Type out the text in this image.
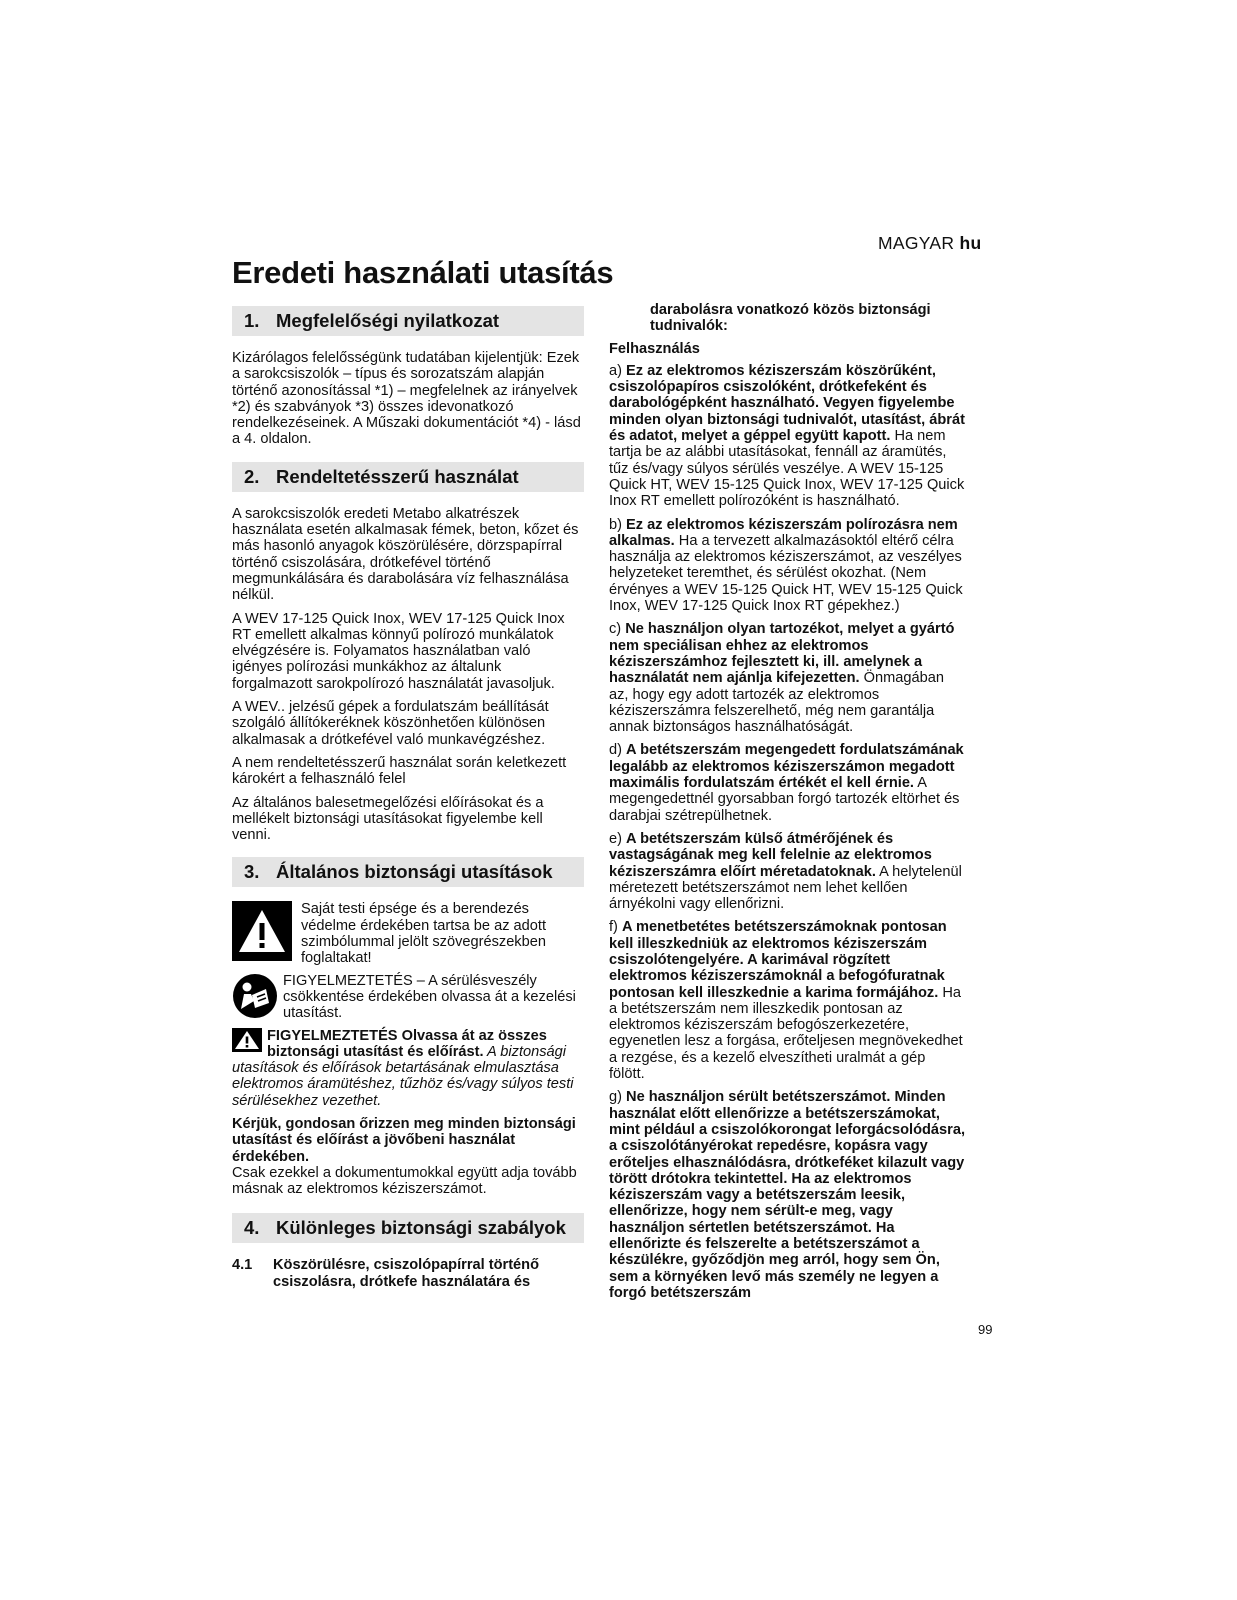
MAGYAR hu
Eredeti használati utasítás
1. Megfelelőségi nyilatkozat

Kizárólagos felelősségünk tudatában kijelentjük: Ezek a sarokcsiszolók – típus és sorozatszám alapján történő azonosítással *1) – megfelelnek az irányelvek *2) és szabványok *3) összes idevonatkozó rendelkezéseinek. A Műszaki dokumentációt *4) - lásd a 4. oldalon.

2. Rendeltetésszerű használat

A sarokcsiszolók eredeti Metabo alkatrészek használata esetén alkalmasak fémek, beton, kőzet és más hasonló anyagok köszörülésére, dörzspapírral történő csiszolására, drótkefével történő megmunkálására és darabolására víz felhasználása nélkül.

A WEV 17-125 Quick Inox, WEV 17-125 Quick Inox RT emellett alkalmas könnyű polírozó munkálatok elvégzésére is. Folyamatos használatban való igényes polírozási munkákhoz az általunk forgalmazott sarokpolírozó használatát javasoljuk.

A WEV.. jelzésű gépek a fordulatszám beállítását szolgáló állítókeréknek köszönhetően különösen alkalmasak a drótkefével való munkavégzéshez.

A nem rendeltetésszerű használat során keletkezett károkért a felhasználó felel

Az általános balesetmegelőzési előírásokat és a mellékelt biztonsági utasításokat figyelembe kell venni.

3. Általános biztonsági utasítások
Saját testi épsége és a berendezés védelme érdekében tartsa be az adott szimbólummal jelölt szövegrészekben foglaltakat!
FIGYELMEZTETÉS – A sérülésveszély csökkentése érdekében olvassa át a kezelési utasítást.

FIGYELMEZTETÉS Olvassa át az összes biztonsági utasítást és előírást. A biztonsági utasítások és előírások betartásának elmulasztása elektromos áramütéshez, tűzhöz és/vagy súlyos testi sérülésekhez vezethet.

Kérjük, gondosan őrizzen meg minden biztonsági utasítást és előírást a jövőbeni használat érdekében.

Csak ezekkel a dokumentumokkal együtt adja tovább másnak az elektromos kéziszerszámot.

4. Különleges biztonsági szabályok
4.1	Köszörülésre, csiszolópapírral történő csiszolásra, drótkefe használatára és
darabolásra vonatkozó közös biztonsági tudnivalók:

Felhasználás

a) Ez az elektromos kéziszerszám köszörűként, csiszolópapíros csiszolóként, drótkefeként és darabológépként használható. Vegyen figyelembe minden olyan biztonsági tudnivalót, utasítást, ábrát és adatot, melyet a géppel együtt kapott. Ha nem tartja be az alábbi utasításokat, fennáll az áramütés, tűz és/vagy súlyos sérülés veszélye. A WEV 15-125 Quick HT, WEV 15-125 Quick Inox, WEV 17-125 Quick Inox RT emellett polírozóként is használható.

b) Ez az elektromos kéziszerszám polírozásra nem alkalmas. Ha a tervezett alkalmazásoktól eltérő célra használja az elektromos kéziszerszámot, az veszélyes helyzeteket teremthet, és sérülést okozhat. (Nem érvényes a WEV 15-125 Quick HT, WEV 15-125 Quick Inox, WEV 17-125 Quick Inox RT gépekhez.)

c) Ne használjon olyan tartozékot, melyet a gyártó nem speciálisan ehhez az elektromos kéziszerszámhoz fejlesztett ki, ill. amelynek a használatát nem ajánlja kifejezetten. Önmagában az, hogy egy adott tartozék az elektromos kéziszerszámra felszerelhető, még nem garantálja annak biztonságos használhatóságát.

d) A betétszerszám megengedett fordulatszámának legalább az elektromos kéziszerszámon megadott maximális fordulatszám értékét el kell érnie. A megengedettnél gyorsabban forgó tartozék eltörhet és darabjai szétrepülhetnek.

e) A betétszerszám külső átmérőjének és vastagságának meg kell felelnie az elektromos kéziszerszámra előírt méretadatoknak. A helytelenül méretezett betétszerszámot nem lehet kellően árnyékolni vagy ellenőrizni.

f) A menetbetétes betétszerszámoknak pontosan kell illeszkedniük az elektromos kéziszerszám csiszolótengelyére. A karimával rögzített elektromos kéziszerszámoknál a befogófuratnak pontosan kell illeszkednie a karima formájához. Ha a betétszerszám nem illeszkedik pontosan az elektromos kéziszerszám befogószerkezetére, egyenetlen lesz a forgása, erőteljesen megnövekedhet a rezgése, és a kezelő elveszítheti uralmát a gép fölött.

g) Ne használjon sérült betétszerszámot. Minden használat előtt ellenőrizze a betétszerszámokat, mint például a csiszolókorongat leforgácsolódásra, a csiszolótányérokat repedésre, kopásra vagy erőteljes elhasználódásra, drótkeféket kilazult vagy törött drótokra tekintettel. Ha az elektromos kéziszerszám vagy a betétszerszám leesik, ellenőrizze, hogy nem sérült-e meg, vagy használjon sértetlen betétszerszámot. Ha ellenőrizte és felszerelte a betétszerszámot a készülékre, győződjön meg arról, hogy sem Ön, sem a környéken levő más személy ne legyen a forgó betétszerszám

99
